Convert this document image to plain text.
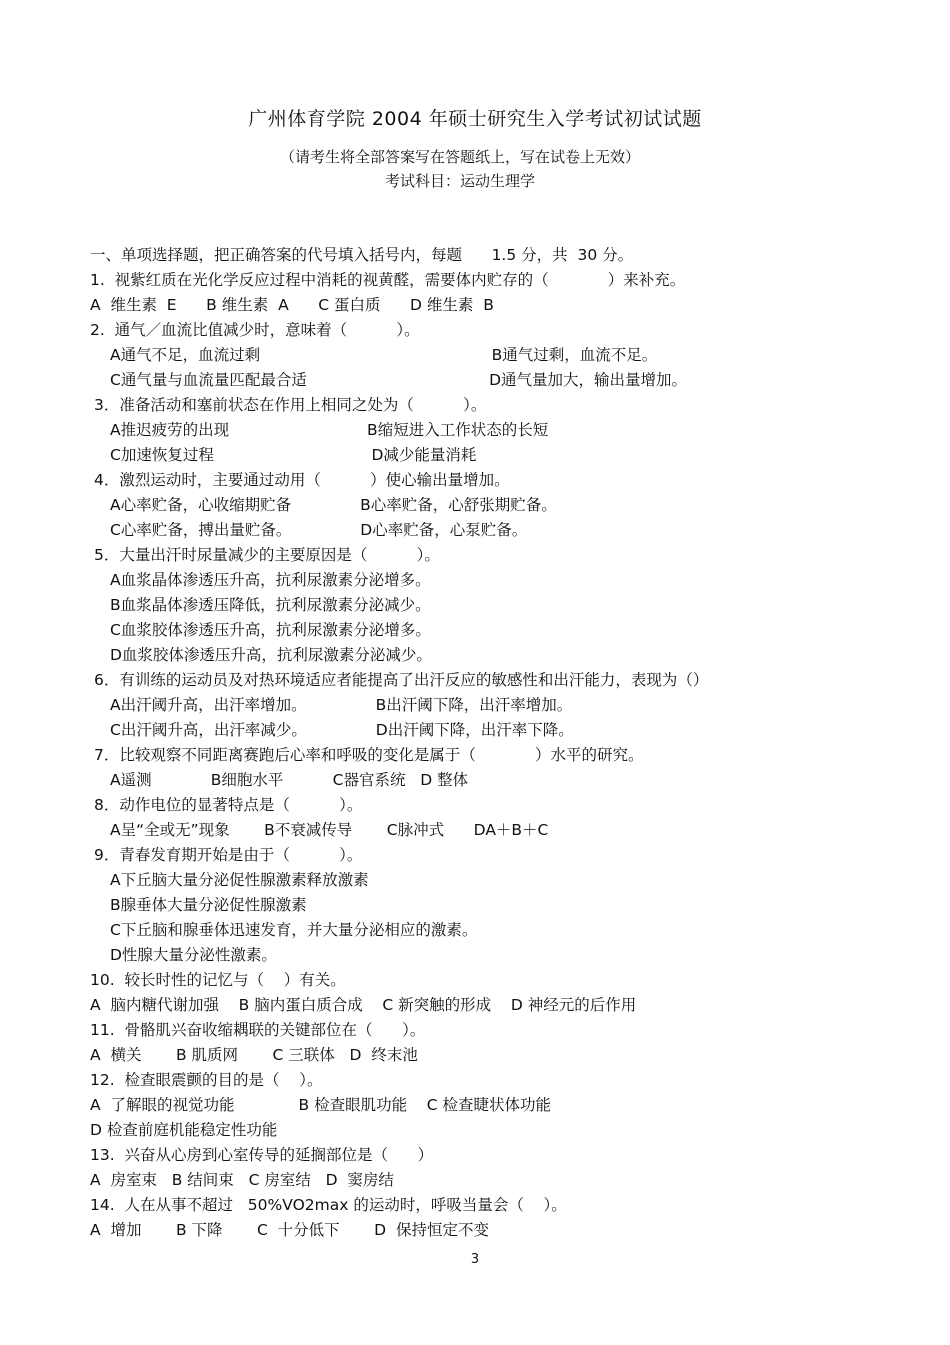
广州体育学院 2004 年硕士研究生入学考试初试试题
（请考生将全部答案写在答题纸上，写在试卷上无效）
考试科目：运动生理学
一、单项选择题，把正确答案的代号填入括号内，每题      1.5 分，共  30 分。
1.  视紫红质在光化学反应过程中消耗的视黄醛，需要体内贮存的（            ）来补充。
A  维生素  E      B 维生素  A      C 蛋白质      D 维生素  B
2.  通气／血流比值减少时，意味着（          ）。
A通气不足，血流过剩                                               B通气过剩，血流不足。
C通气量与血流量匹配最合适                                     D通气量加大，输出量增加。
3．准备活动和塞前状态在作用上相同之处为（          ）。
A推迟疲劳的出现                            B缩短进入工作状态的长短
C加速恢复过程                                D减少能量消耗
4．激烈运动时，主要通过动用（          ）使心输出量增加。
A心率贮备，心收缩期贮备              B心率贮备，心舒张期贮备。
C心率贮备，搏出量贮备。              D心率贮备，心泵贮备。
5．大量出汗时尿量减少的主要原因是（          ）。
A血浆晶体渗透压升高，抗利尿激素分泌增多。
B血浆晶体渗透压降低，抗利尿激素分泌减少。
C血浆胶体渗透压升高，抗利尿激素分泌增多。
D血浆胶体渗透压升高，抗利尿激素分泌减少。
6．有训练的运动员及对热环境适应者能提高了出汗反应的敏感性和出汗能力，表现为（）
A出汗阈升高，出汗率增加。              B出汗阈下降，出汗率增加。
C出汗阈升高，出汗率减少。              D出汗阈下降，出汗率下降。
7．比较观察不同距离赛跑后心率和呼吸的变化是属于（            ）水平的研究。
A遥测            B细胞水平          C器官系统   D 整体
8．动作电位的显著特点是（          ）。
A呈“全或无”现象       B不衰减传导       C脉冲式      DA＋B＋C
9．青春发育期开始是由于（          ）。
A下丘脑大量分泌促性腺激素释放激素
B腺垂体大量分泌促性腺激素
C下丘脑和腺垂体迅速发育，并大量分泌相应的激素。
D性腺大量分泌性激素。
10.  较长时性的记忆与（    ）有关。
A  脑内糖代谢加强    B 脑内蛋白质合成    C 新突触的形成    D 神经元的后作用
11.  骨骼肌兴奋收缩耦联的关键部位在（      ）。
A  横关       B 肌质网       C 三联体   D  终末池
12.  检查眼震颤的目的是（    ）。
A  了解眼的视觉功能             B 检查眼肌功能    C 检查睫状体功能
D 检查前庭机能稳定性功能
13.  兴奋从心房到心室传导的延搁部位是（      ）
A  房室束   B 结间束   C 房室结   D  窦房结
14.  人在从事不超过   50%VO2max 的运动时，呼吸当量会（    ）。
A  增加       B 下降       C  十分低下       D  保持恒定不变
3
